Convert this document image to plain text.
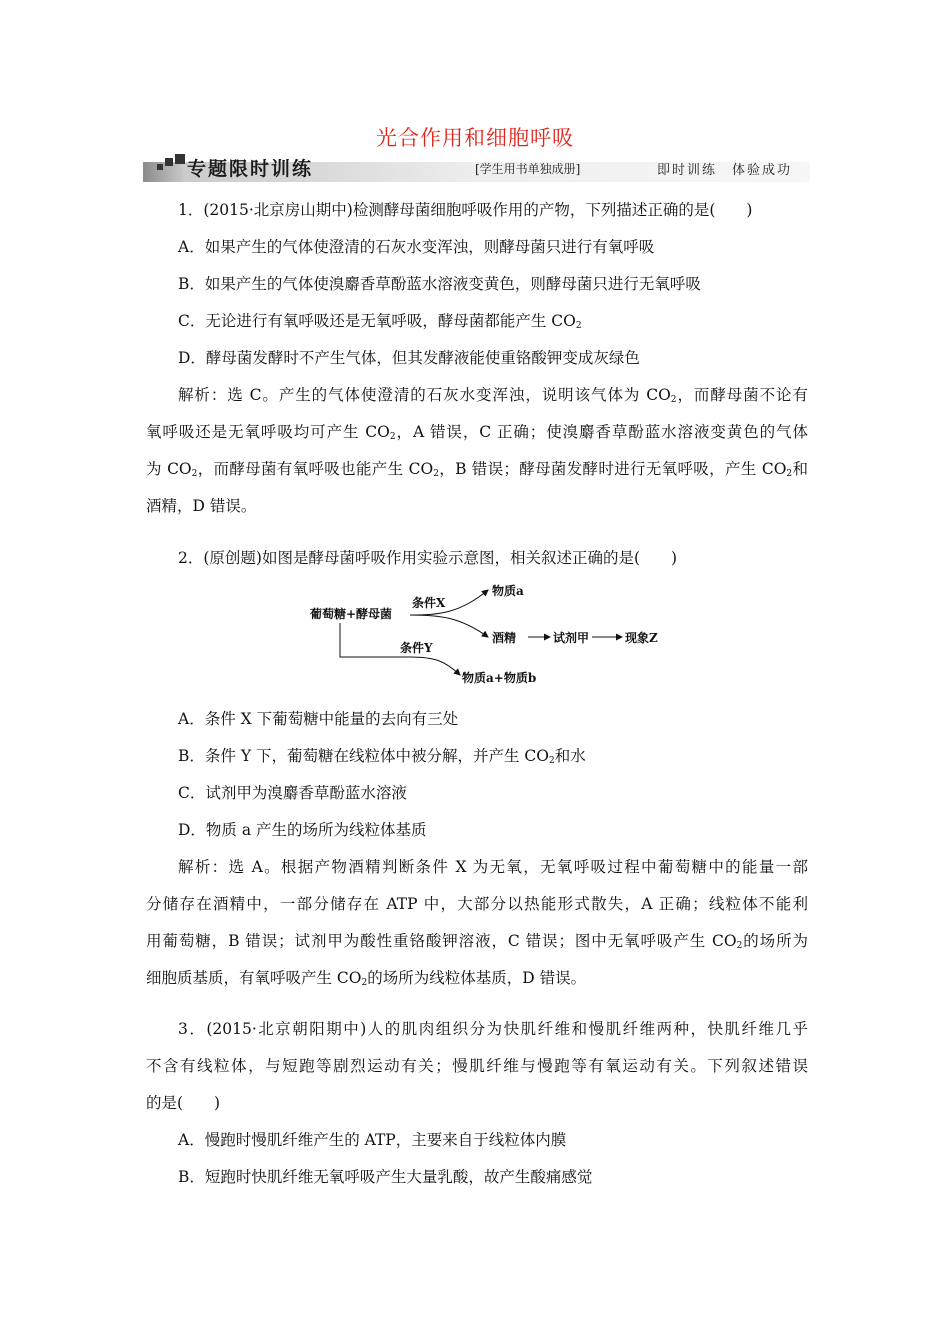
光合作用和细胞呼吸
专题限时训练	[学生用书单独成册]	即时训练　体验成功
1．(2015·北京房山期中)检测酵母菌细胞呼吸作用的产物，下列描述正确的是(　　)
A．如果产生的气体使澄清的石灰水变浑浊，则酵母菌只进行有氧呼吸
B．如果产生的气体使溴麝香草酚蓝水溶液变黄色，则酵母菌只进行无氧呼吸
C．无论进行有氧呼吸还是无氧呼吸，酵母菌都能产生 $CO_2$
D．酵母菌发酵时不产生气体，但其发酵液能使重铬酸钾变成灰绿色
解析：选 C。产生的气体使澄清的石灰水变浑浊，说明该气体为 $CO_2$，而酵母菌不论有
氧呼吸还是无氧呼吸均可产生 $CO_2$，A 错误，C 正确；使溴麝香草酚蓝水溶液变黄色的气体
为 $CO_2$，而酵母菌有氧呼吸也能产生 $CO_2$，B 错误；酵母菌发酵时进行无氧呼吸，产生 $CO_2$和
酒精，D 错误。
2．(原创题)如图是酵母菌呼吸作用实验示意图，相关叙述正确的是(　　)
葡萄糖+酵母菌
条件X
条件Y
物质a
酒精	试剂甲	现象Z
物质a+物质b
A．条件 X 下葡萄糖中能量的去向有三处
B．条件 Y 下，葡萄糖在线粒体中被分解，并产生 $CO_2$和水
C．试剂甲为溴麝香草酚蓝水溶液
D．物质 a 产生的场所为线粒体基质
解析：选 A。根据产物酒精判断条件 X 为无氧，无氧呼吸过程中葡萄糖中的能量一部
分储存在酒精中，一部分储存在 ATP 中，大部分以热能形式散失，A 正确；线粒体不能利
用葡萄糖，B 错误；试剂甲为酸性重铬酸钾溶液，C 错误；图中无氧呼吸产生 $CO_2$的场所为
细胞质基质，有氧呼吸产生 $CO_2$的场所为线粒体基质，D 错误。
3．(2015·北京朝阳期中)人的肌肉组织分为快肌纤维和慢肌纤维两种，快肌纤维几乎
不含有线粒体，与短跑等剧烈运动有关；慢肌纤维与慢跑等有氧运动有关。下列叙述错误
的是(　　)
A．慢跑时慢肌纤维产生的 ATP，主要来自于线粒体内膜
B．短跑时快肌纤维无氧呼吸产生大量乳酸，故产生酸痛感觉
